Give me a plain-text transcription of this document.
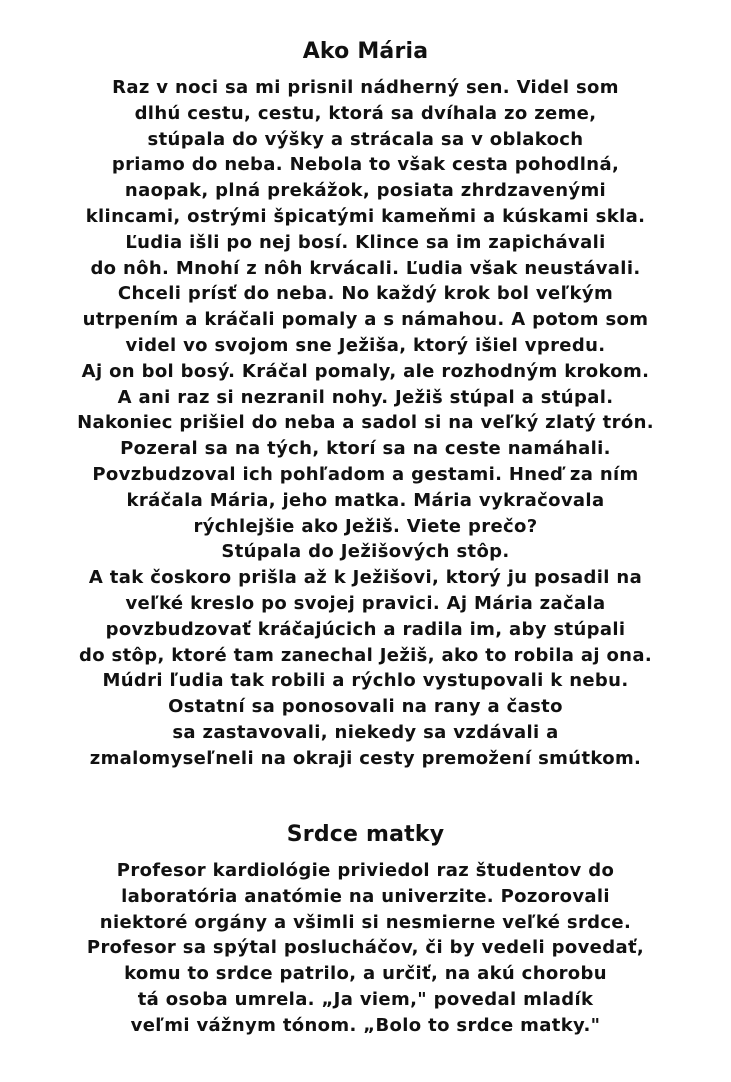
Ako Mária
Raz v noci sa mi prisnil nádherný sen. Videl som
dlhú cestu, cestu, ktorá sa dvíhala zo zeme,
stúpala do výšky a strácala sa v oblakoch
priamo do neba. Nebola to však cesta pohodlná,
naopak, plná prekážok, posiata zhrdzavenými
klincami, ostrými špicatými kameňmi a kúskami skla.
Ľudia išli po nej bosí. Klince sa im zapichávali
do nôh. Mnohí z nôh krvácali. Ľudia však neustávali.
Chceli prísť do neba. No každý krok bol veľkým
utrpením a kráčali pomaly a s námahou. A potom som
videl vo svojom sne Ježiša, ktorý išiel vpredu.
Aj on bol bosý. Kráčal pomaly, ale rozhodným krokom.
A ani raz si nezranil nohy. Ježiš stúpal a stúpal.
Nakoniec prišiel do neba a sadol si na veľký zlatý trón.
Pozeral sa na tých, ktorí sa na ceste namáhali.
Povzbudzoval ich pohľadom a gestami. Hneď za ním
kráčala Mária, jeho matka. Mária vykračovala
rýchlejšie ako Ježiš. Viete prečo?
Stúpala do Ježišových stôp.
A tak čoskoro prišla až k Ježišovi, ktorý ju posadil na
veľké kreslo po svojej pravici. Aj Mária začala
povzbudzovať kráčajúcich a radila im, aby stúpali
do stôp, ktoré tam zanechal Ježiš, ako to robila aj ona.
Múdri ľudia tak robili a rýchlo vystupovali k nebu.
Ostatní sa ponosovali na rany a často
sa zastavovali, niekedy sa vzdávali a
zmalomyseľneli na okraji cesty premožení smútkom.
Srdce matky
Profesor kardiológie priviedol raz študentov do
laboratória anatómie na univerzite. Pozorovali
niektoré orgány a všimli si nesmierne veľké srdce.
Profesor sa spýtal poslucháčov, či by vedeli povedať,
komu to srdce patrilo, a určiť, na akú chorobu
tá osoba umrela. „Ja viem," povedal mladík
veľmi vážnym tónom. „Bolo to srdce matky."
